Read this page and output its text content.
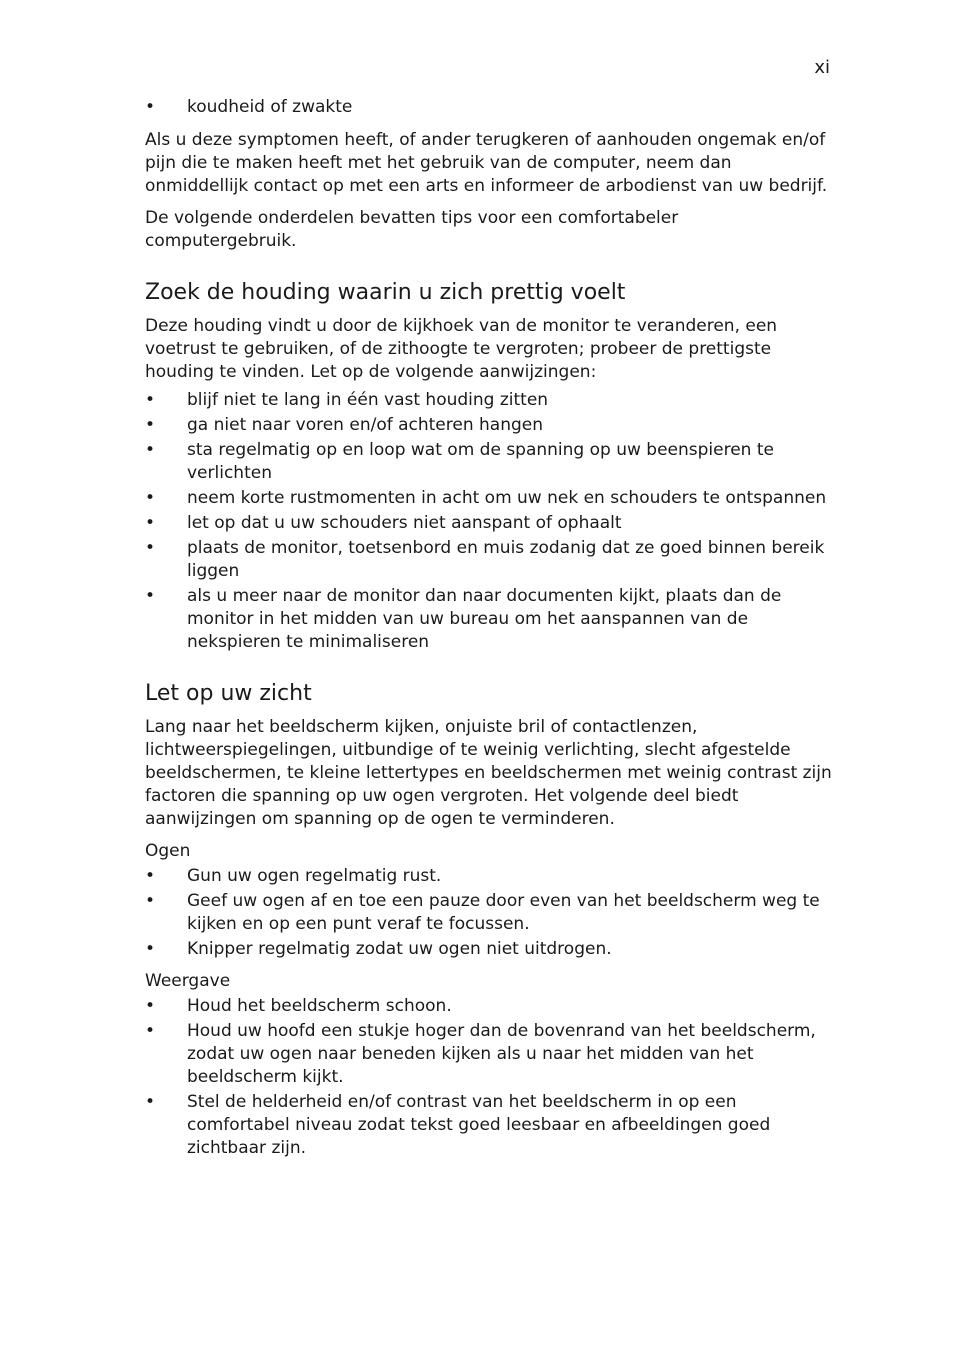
xi
• koudheid of zwakte

Als u deze symptomen heeft, of ander terugkeren of aanhouden ongemak en/of pijn die te maken heeft met het gebruik van de computer, neem dan onmiddellijk contact op met een arts en informeer de arbodienst van uw bedrijf.

De volgende onderdelen bevatten tips voor een comfortabeler computergebruik.

Zoek de houding waarin u zich prettig voelt

Deze houding vindt u door de kijkhoek van de monitor te veranderen, een voetrust te gebruiken, of de zithoogte te vergroten; probeer de prettigste houding te vinden. Let op de volgende aanwijzingen:

• blijf niet te lang in één vast houding zitten
• ga niet naar voren en/of achteren hangen
• sta regelmatig op en loop wat om de spanning op uw beenspieren te verlichten
• neem korte rustmomenten in acht om uw nek en schouders te ontspannen
• let op dat u uw schouders niet aanspant of ophaalt
• plaats de monitor, toetsenbord en muis zodanig dat ze goed binnen bereik liggen
• als u meer naar de monitor dan naar documenten kijkt, plaats dan de monitor in het midden van uw bureau om het aanspannen van de nekspieren te minimaliseren
Let op uw zicht

Lang naar het beeldscherm kijken, onjuiste bril of contactlenzen, lichtweerspiegelingen, uitbundige of te weinig verlichting, slecht afgestelde beeldschermen, te kleine lettertypes en beeldschermen met weinig contrast zijn factoren die spanning op uw ogen vergroten. Het volgende deel biedt aanwijzingen om spanning op de ogen te verminderen.

Ogen

• Gun uw ogen regelmatig rust.
• Geef uw ogen af en toe een pauze door even van het beeldscherm weg te kijken en op een punt veraf te focussen.
• Knipper regelmatig zodat uw ogen niet uitdrogen.

Weergave

• Houd het beeldscherm schoon.
• Houd uw hoofd een stukje hoger dan de bovenrand van het beeldscherm, zodat uw ogen naar beneden kijken als u naar het midden van het beeldscherm kijkt.
• Stel de helderheid en/of contrast van het beeldscherm in op een comfortabel niveau zodat tekst goed leesbaar en afbeeldingen goed zichtbaar zijn.
